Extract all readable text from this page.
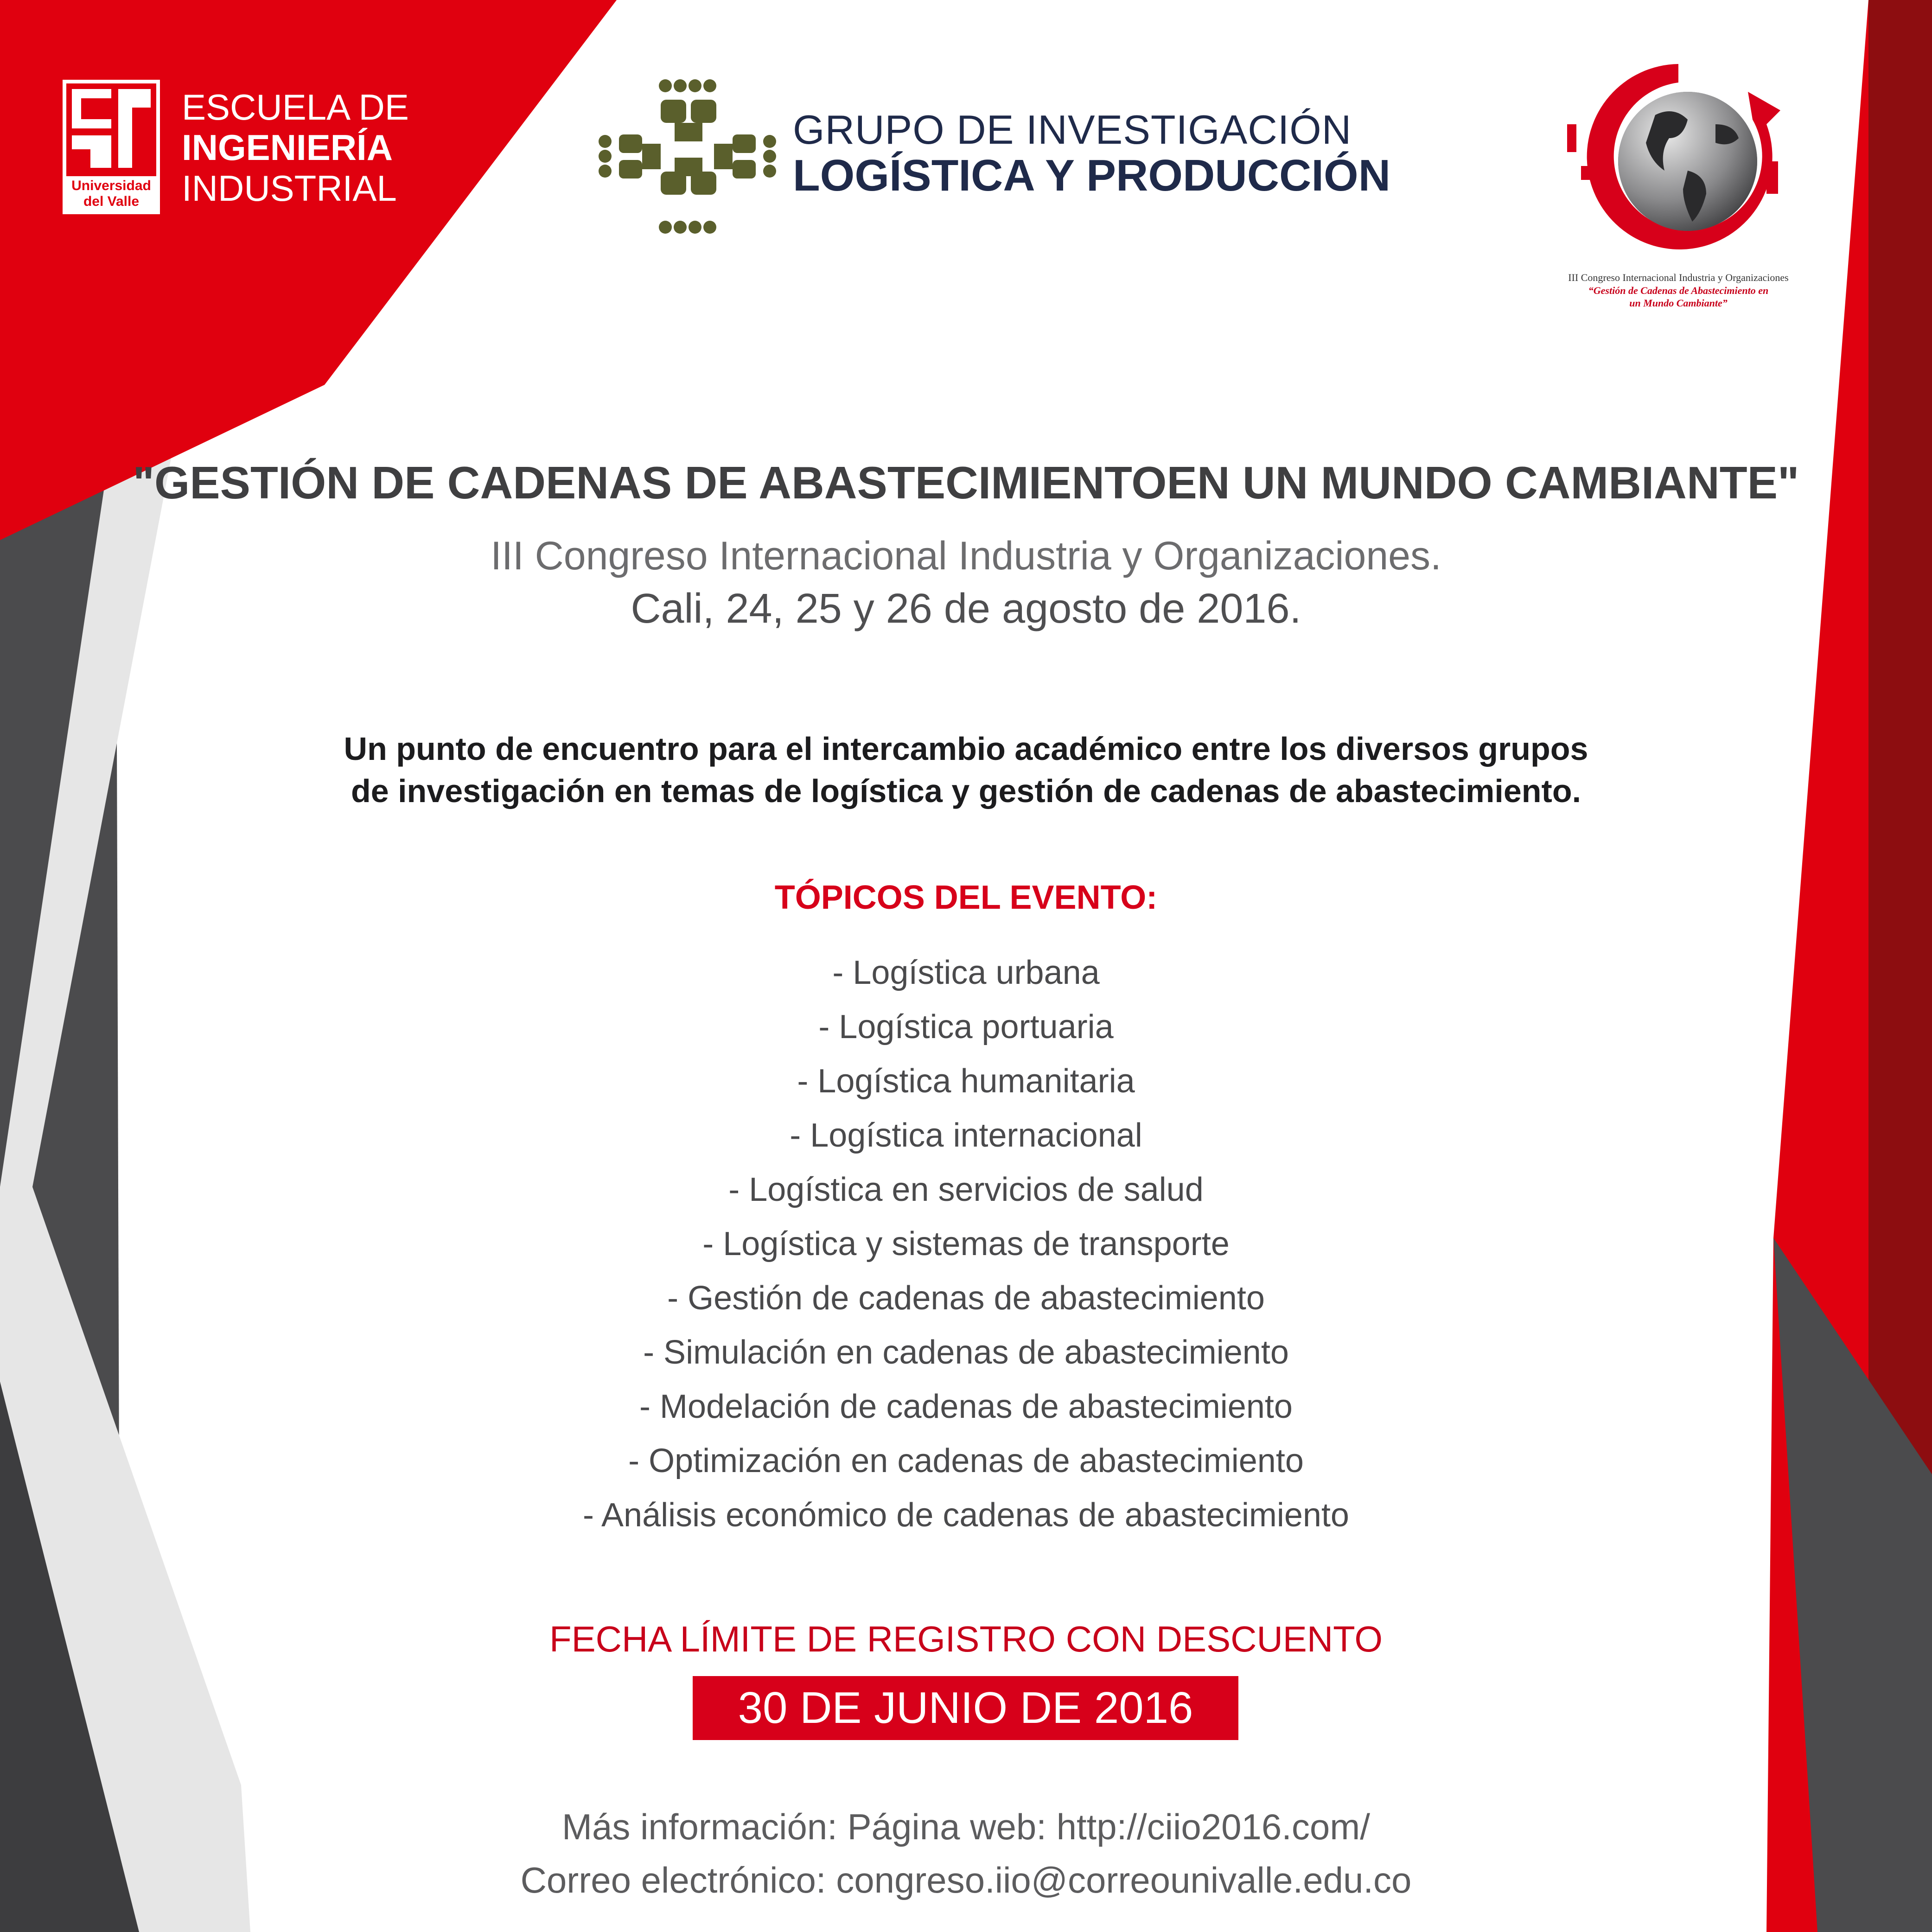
Universidad
del Valle
ESCUELA DE
INGENIERÍA
INDUSTRIAL
GRUPO DE INVESTIGACIÓN
LOGÍSTICA Y PRODUCCIÓN
III Congreso Internacional Industria y Organizaciones
“Gestión de Cadenas de Abastecimiento en
un Mundo Cambiante”
"GESTIÓN DE CADENAS DE ABASTECIMIENTOEN UN MUNDO CAMBIANTE"
III Congreso Internacional Industria y Organizaciones.
Cali, 24, 25 y 26 de agosto de 2016.
Un punto de encuentro para el intercambio académico entre los diversos grupos
de investigación en temas de logística y gestión de cadenas de abastecimiento.
TÓPICOS DEL EVENTO:
- Logística urbana
- Logística portuaria
- Logística humanitaria
- Logística internacional
- Logística en servicios de salud
- Logística y sistemas de transporte
- Gestión de cadenas de abastecimiento
- Simulación en cadenas de abastecimiento
- Modelación de cadenas de abastecimiento
- Optimización en cadenas de abastecimiento
- Análisis económico de cadenas de abastecimiento
FECHA LÍMITE DE REGISTRO CON DESCUENTO
30 DE JUNIO DE 2016
Más información: Página web: http://ciio2016.com/
Correo electrónico: congreso.iio@correounivalle.edu.co
